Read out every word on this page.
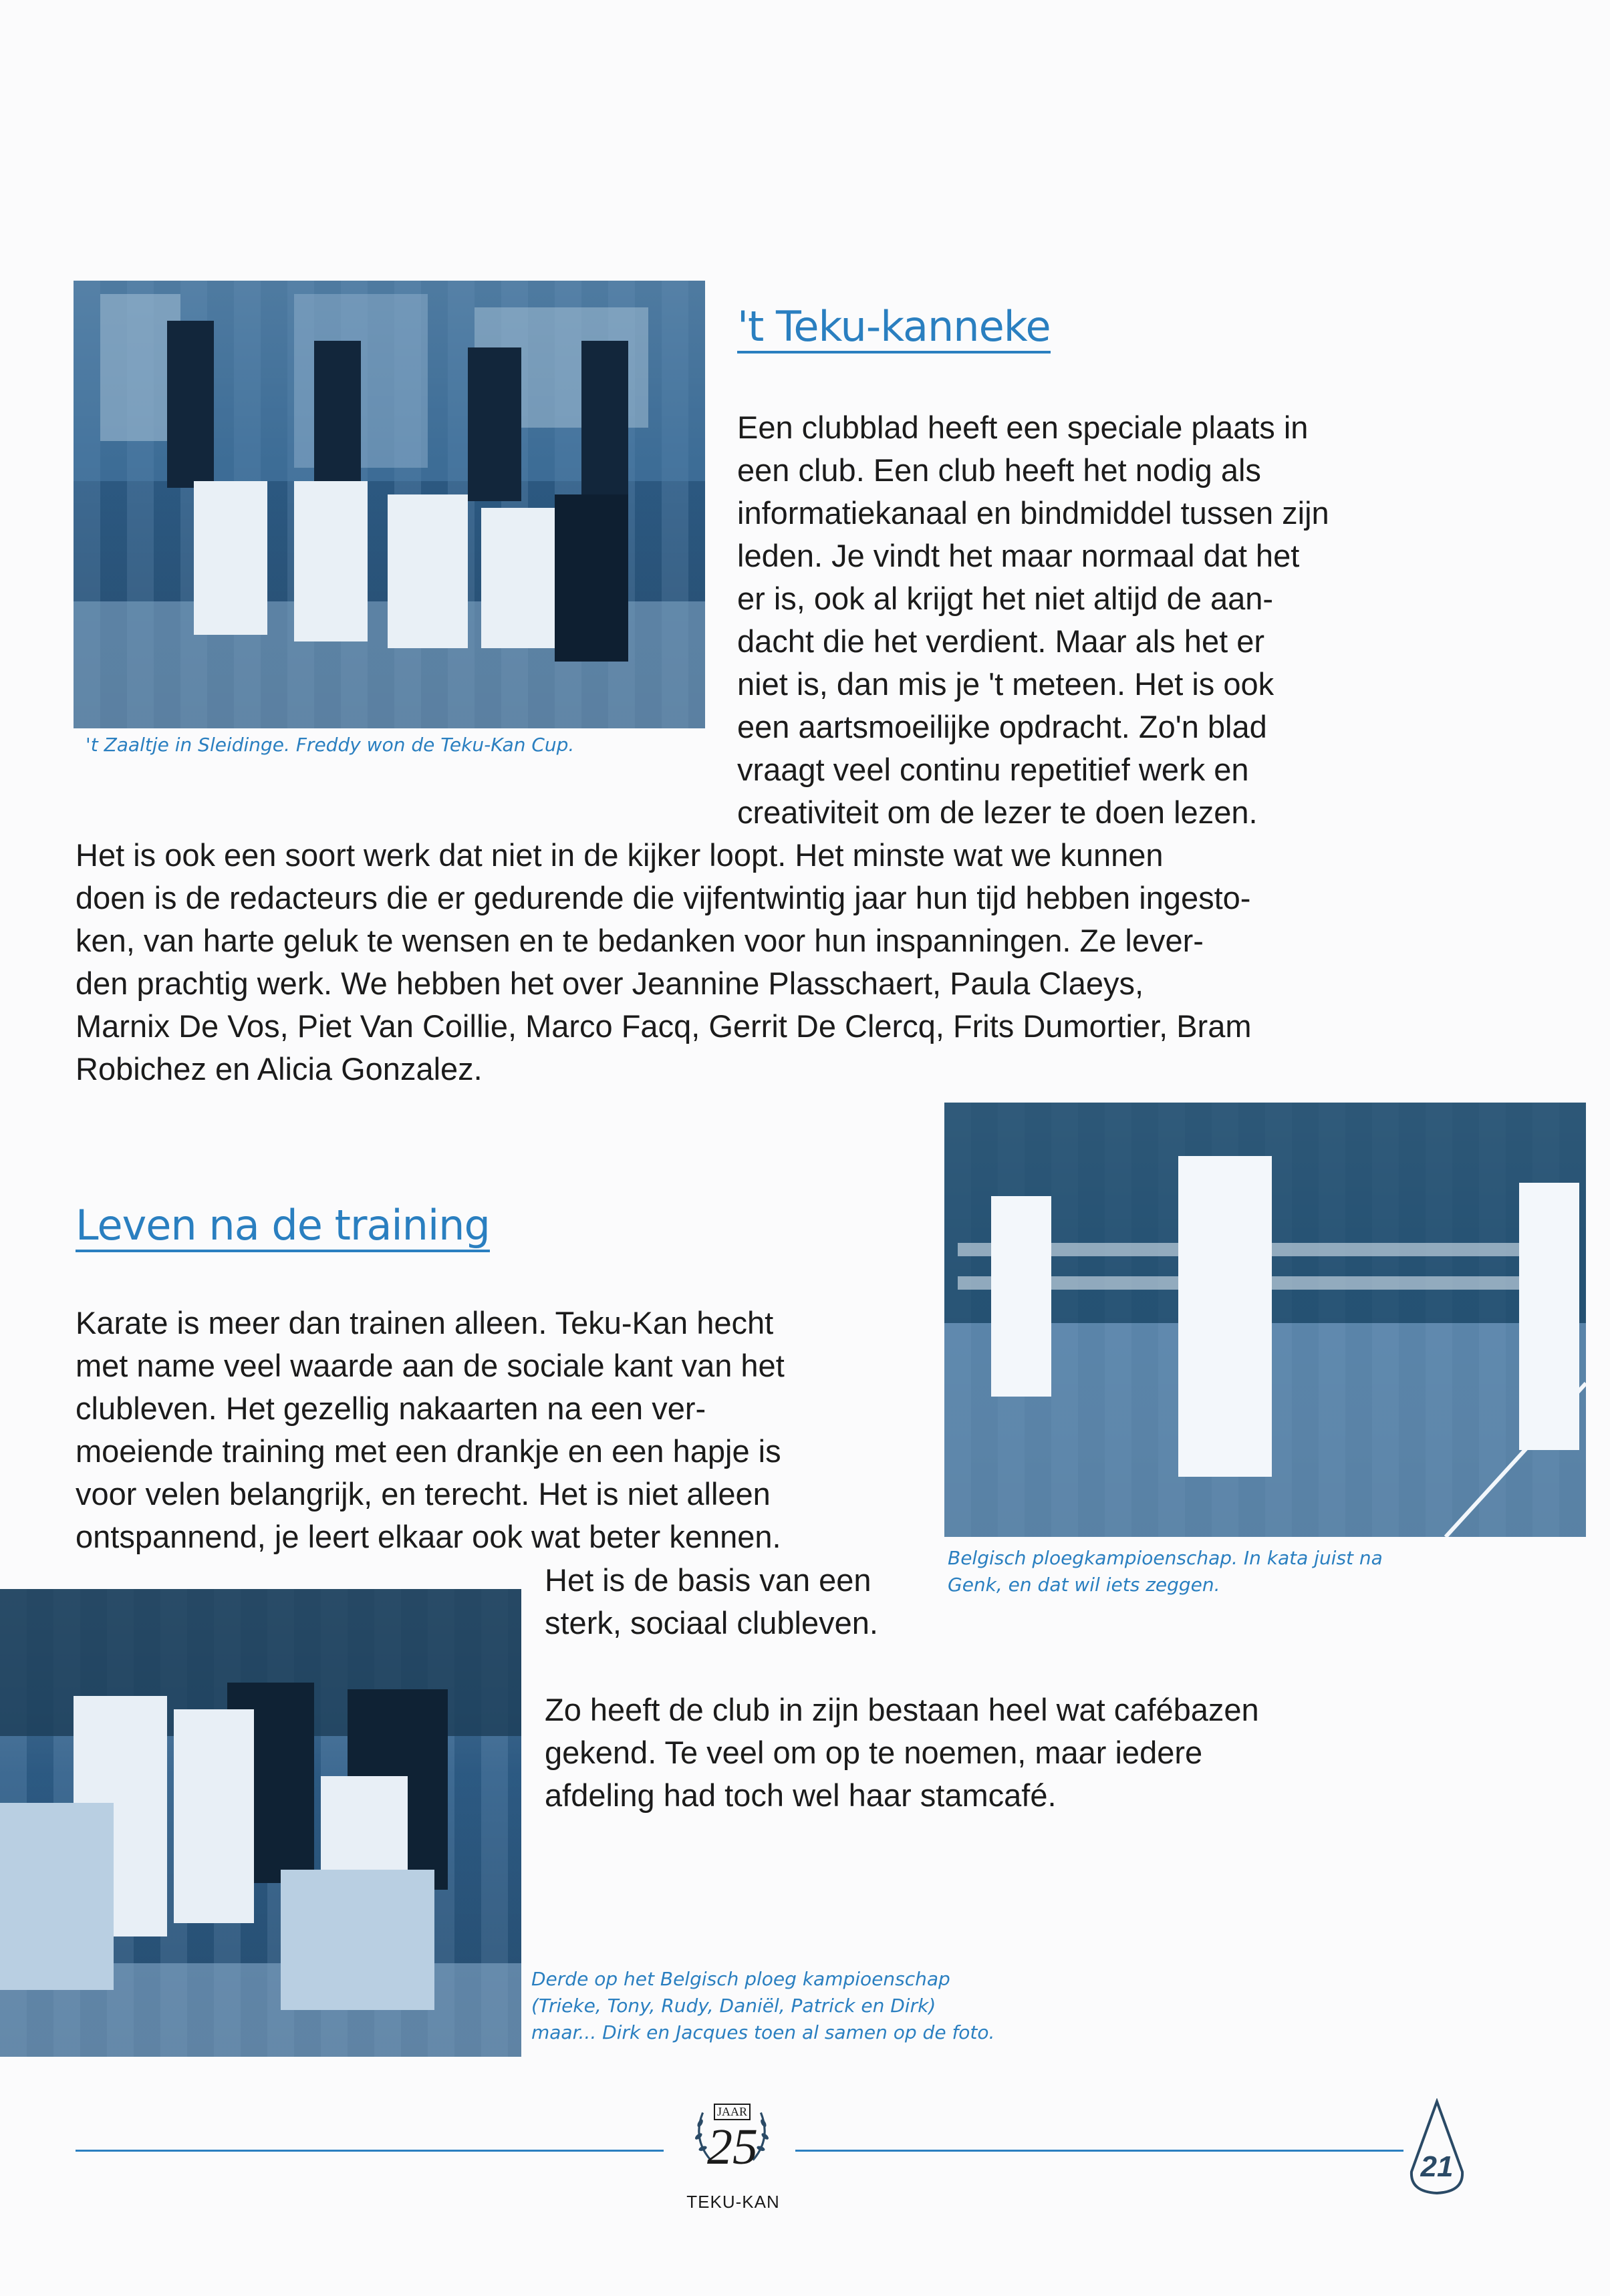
't Zaaltje in Sleidinge. Freddy won de Teku-Kan Cup.
't Teku-kanneke
Een clubblad heeft een speciale plaats in
een club. Een club heeft het nodig als
informatiekanaal en bindmiddel tussen zijn
leden. Je vindt het maar normaal dat het
er is, ook al krijgt het niet altijd de aan-
dacht die het verdient. Maar als het er
niet is, dan mis je 't meteen. Het is ook
een aartsmoeilijke opdracht. Zo'n blad
vraagt veel continu repetitief werk en
creativiteit om de lezer te doen lezen.
Het is ook een soort werk dat niet in de kijker loopt. Het minste wat we kunnen
doen is de redacteurs die er gedurende die vijfentwintig jaar hun tijd hebben ingesto-
ken, van harte geluk te wensen en te bedanken voor hun inspanningen. Ze lever-
den prachtig werk. We hebben het over Jeannine Plasschaert, Paula Claeys,
Marnix De Vos, Piet Van Coillie, Marco Facq, Gerrit De Clercq, Frits Dumortier, Bram
Robichez en Alicia Gonzalez.
Belgisch ploegkampioenschap. In kata juist na
Genk, en dat wil iets zeggen.
Leven na de training
Karate is meer dan trainen alleen. Teku-Kan hecht
met name veel waarde aan de sociale kant van het
clubleven. Het gezellig nakaarten na een ver-
moeiende training met een drankje en een hapje is
voor velen belangrijk, en terecht. Het is niet alleen
ontspannend, je leert elkaar ook wat beter kennen.
Het is de basis van een
sterk, sociaal clubleven.
Zo heeft de club in zijn bestaan heel wat cafébazen
gekend. Te veel om op te noemen, maar iedere
afdeling had toch wel haar stamcafé.
Derde op het Belgisch ploeg kampioenschap
(Trieke, Tony, Rudy, Daniël, Patrick en Dirk)
maar... Dirk en Jacques toen al samen op de foto.
JAAR
25
TEKU-KAN
21
